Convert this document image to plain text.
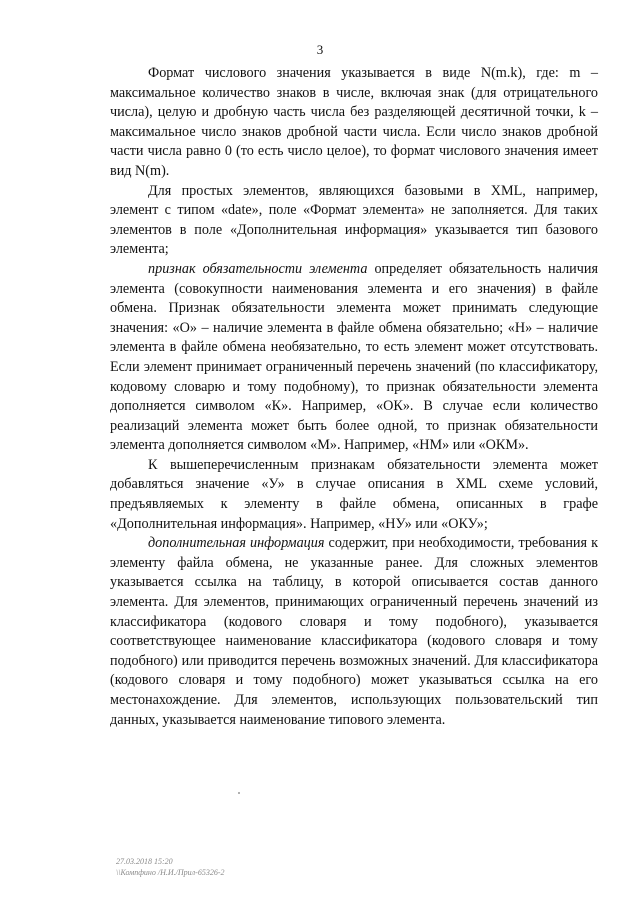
3

Формат числового значения указывается в виде N(m.k), где: m – максимальное количество знаков в числе, включая знак (для отрицательного числа), целую и дробную часть числа без разделяющей десятичной точки, k – максимальное число знаков дробной части числа. Если число знаков дробной части числа равно 0 (то есть число целое), то формат числового значения имеет вид N(m).

Для простых элементов, являющихся базовыми в XML, например, элемент с типом «date», поле «Формат элемента» не заполняется. Для таких элементов в поле «Дополнительная информация» указывается тип базового элемента;

признак обязательности элемента определяет обязательность наличия элемента (совокупности наименования элемента и его значения) в файле обмена. Признак обязательности элемента может принимать следующие значения: «О» – наличие элемента в файле обмена обязательно; «Н» – наличие элемента в файле обмена необязательно, то есть элемент может отсутствовать. Если элемент принимает ограниченный перечень значений (по классификатору, кодовому словарю и тому подобному), то признак обязательности элемента дополняется символом «К». Например, «ОК». В случае если количество реализаций элемента может быть более одной, то признак обязательности элемента дополняется символом «М». Например, «НМ» или «ОКМ».

К вышеперечисленным признакам обязательности элемента может добавляться значение «У» в случае описания в XML схеме условий, предъявляемых к элементу в файле обмена, описанных в графе «Дополнительная информация». Например, «НУ» или «ОКУ»;

дополнительная информация содержит, при необходимости, требования к элементу файла обмена, не указанные ранее. Для сложных элементов указывается ссылка на таблицу, в которой описывается состав данного элемента. Для элементов, принимающих ограниченный перечень значений из классификатора (кодового словаря и тому подобного), указывается соответствующее наименование классификатора (кодового словаря и тому подобного) или приводится перечень возможных значений. Для классификатора (кодового словаря и тому подобного) может указываться ссылка на его местонахождение. Для элементов, использующих пользовательский тип данных, указывается наименование типового элемента.

27.03.2018 15:20
\\Компфино /Н.И./Прил-65326-2
